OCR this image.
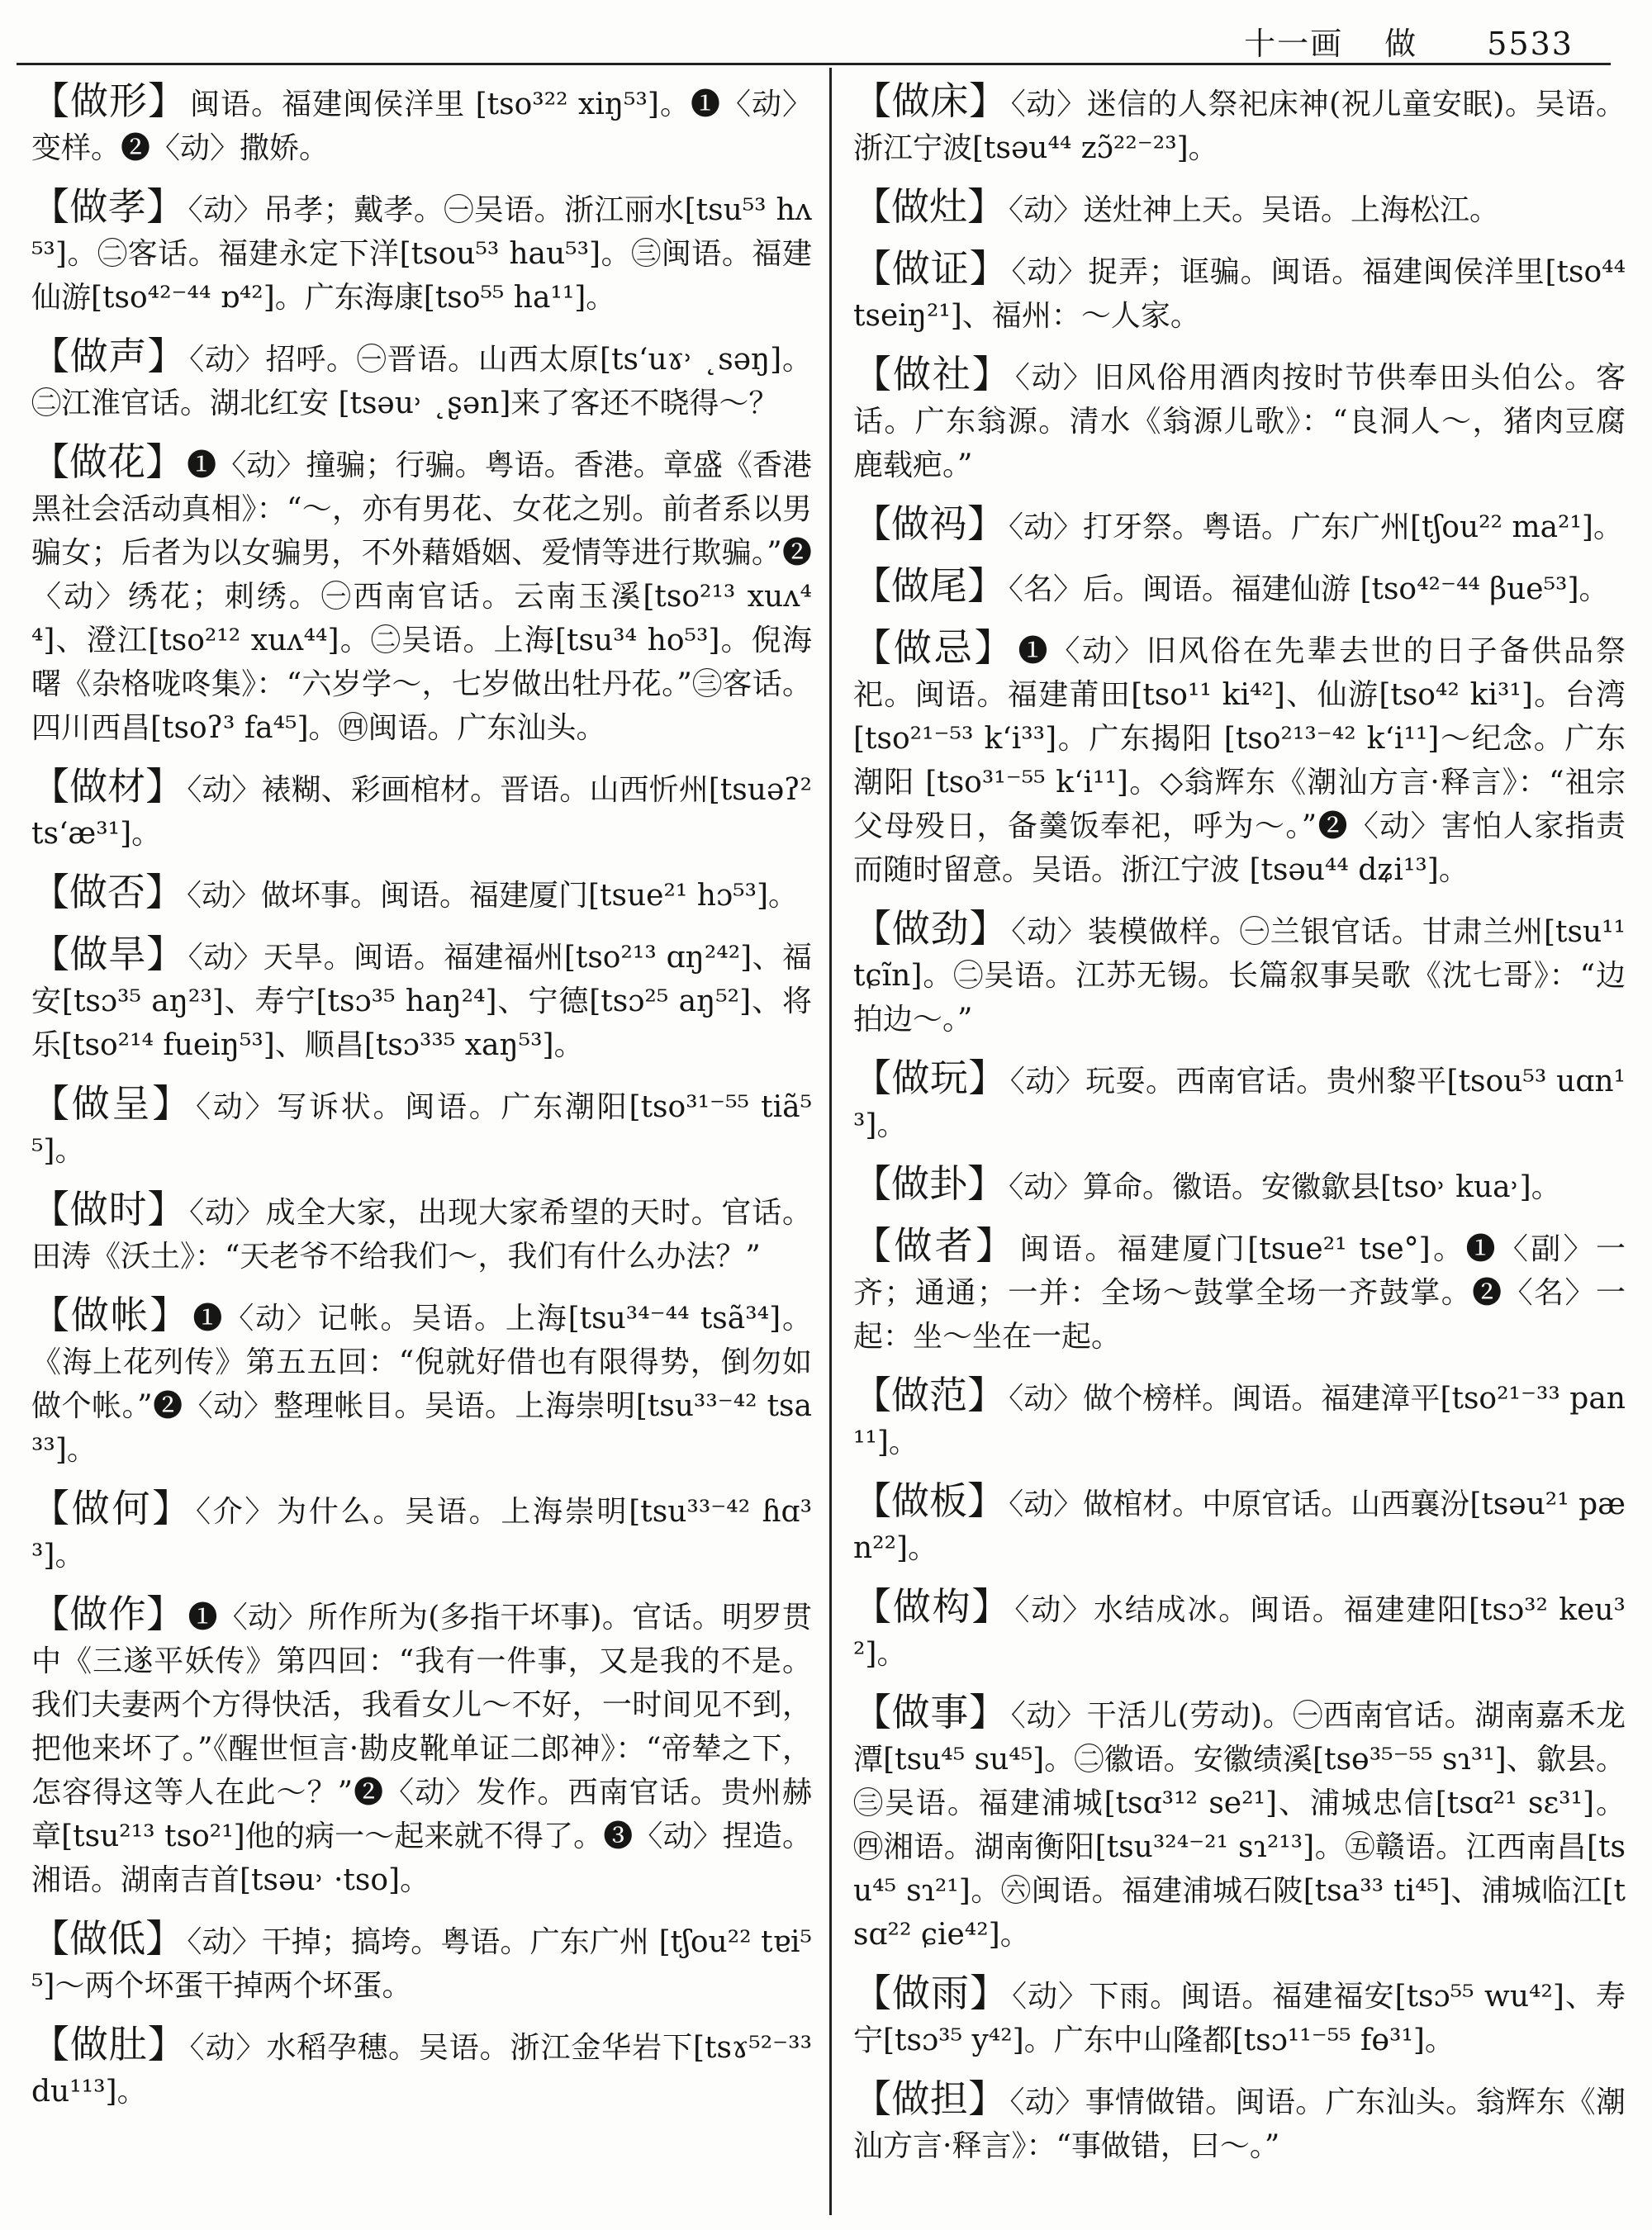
十一画 做 5533
【做形】 闽语。福建闽侯洋里 [tso³²² xiŋ⁵³]。❶〈动〉变样。❷〈动〉撒娇。
【做孝】 〈动〉吊孝；戴孝。㊀吴语。浙江丽水[tsu⁵³ hʌ⁵³]。㊁客话。福建永定下洋[tsou⁵³ hau⁵³]。㊂闽语。福建仙游[tso⁴²⁻⁴⁴ ɒ⁴²]。广东海康[tso⁵⁵ ha¹¹]。
【做声】 〈动〉招呼。㊀晋语。山西太原[tsʻuɤ˒ ˛səŋ]。㊁江淮官话。湖北红安 [tsəu˒ ˛ʂən]来了客还不晓得～？
【做花】 ❶〈动〉撞骗；行骗。粤语。香港。章盛《香港黑社会活动真相》：“～，亦有男花、女花之别。前者系以男骗女；后者为以女骗男，不外藉婚姻、爱情等进行欺骗。”❷〈动〉绣花；刺绣。㊀西南官话。云南玉溪[tso²¹³ xuʌ⁴⁴]、澄江[tso²¹² xuʌ⁴⁴]。㊁吴语。上海[tsu³⁴ ho⁵³]。倪海曙《杂格咙咚集》：“六岁学～，七岁做出牡丹花。”㊂客话。四川西昌[tsoʔ³ fa⁴⁵]。㊃闽语。广东汕头。
【做材】 〈动〉裱糊、彩画棺材。晋语。山西忻州[tsuəʔ² tsʻæ³¹]。
【做否】 〈动〉做坏事。闽语。福建厦门[tsue²¹ hɔ⁵³]。
【做旱】 〈动〉天旱。闽语。福建福州[tso²¹³ ɑŋ²⁴²]、福安[tsɔ³⁵ aŋ²³]、寿宁[tsɔ³⁵ haŋ²⁴]、宁德[tsɔ²⁵ aŋ⁵²]、将乐[tso²¹⁴ fueiŋ⁵³]、顺昌[tsɔ³³⁵ xaŋ⁵³]。
【做呈】 〈动〉写诉状。闽语。广东潮阳[tso³¹⁻⁵⁵ tiã⁵⁵]。
【做时】 〈动〉成全大家，出现大家希望的天时。官话。田涛《沃土》：“天老爷不给我们～，我们有什么办法？”
【做帐】 ❶〈动〉记帐。吴语。上海[tsu³⁴⁻⁴⁴ tsã³⁴]。《海上花列传》第五五回：“倪就好借也有限得势，倒勿如做个帐。”❷〈动〉整理帐目。吴语。上海崇明[tsu³³⁻⁴² tsa³³]。
【做何】 〈介〉为什么。吴语。上海崇明[tsu³³⁻⁴² ɦɑ³³]。
【做作】 ❶〈动〉所作所为(多指干坏事)。官话。明罗贯中《三遂平妖传》第四回：“我有一件事，又是我的不是。我们夫妻两个方得快活，我看女儿～不好，一时间见不到，把他来坏了。”《醒世恒言·勘皮靴单证二郎神》：“帝辇之下，怎容得这等人在此～？”❷〈动〉发作。西南官话。贵州赫章[tsu²¹³ tso²¹]他的病一～起来就不得了。❸〈动〉捏造。湘语。湖南吉首[tsəu˒ ·tso]。
【做低】 〈动〉干掉；搞垮。粤语。广东广州 [tʃou²² tɐi⁵⁵]～两个坏蛋干掉两个坏蛋。
【做肚】 〈动〉水稻孕穗。吴语。浙江金华岩下[tsɤ⁵²⁻³³ du¹¹³]。
【做床】 〈动〉迷信的人祭祀床神(祝儿童安眠)。吴语。浙江宁波[tsəu⁴⁴ zɔ̃²²⁻²³]。
【做灶】 〈动〉送灶神上天。吴语。上海松江。
【做证】 〈动〉捉弄；诓骗。闽语。福建闽侯洋里[tso⁴⁴ tseiŋ²¹]、福州：～人家。
【做社】 〈动〉旧风俗用酒肉按时节供奉田头伯公。客话。广东翁源。清水《翁源儿歌》：“良洞人～，猪肉豆腐鹿载疤。”
【做祃】 〈动〉打牙祭。粤语。广东广州[tʃou²² ma²¹]。
【做尾】 〈名〉后。闽语。福建仙游 [tso⁴²⁻⁴⁴ βue⁵³]。
【做忌】 ❶〈动〉旧风俗在先辈去世的日子备供品祭祀。闽语。福建莆田[tso¹¹ ki⁴²]、仙游[tso⁴² ki³¹]。台湾[tso²¹⁻⁵³ kʻi³³]。广东揭阳 [tso²¹³⁻⁴² kʻi¹¹]～纪念。广东潮阳 [tso³¹⁻⁵⁵ kʻi¹¹]。◇翁辉东《潮汕方言·释言》：“祖宗父母殁日，备羹饭奉祀，呼为～。”❷〈动〉害怕人家指责而随时留意。吴语。浙江宁波 [tsəu⁴⁴ dʑi¹³]。
【做劲】 〈动〉装模做样。㊀兰银官话。甘肃兰州[tsu¹¹ tɕĩn]。㊁吴语。江苏无锡。长篇叙事吴歌《沈七哥》：“边拍边～。”
【做玩】 〈动〉玩耍。西南官话。贵州黎平[tsou⁵³ uɑn¹³]。
【做卦】 〈动〉算命。徽语。安徽歙县[tso˒ kua˒]。
【做者】 闽语。福建厦门[tsue²¹ tse°]。❶〈副〉一齐；通通；一并：全场～鼓掌全场一齐鼓掌。❷〈名〉一起：坐～坐在一起。
【做范】 〈动〉做个榜样。闽语。福建漳平[tso²¹⁻³³ pan¹¹]。
【做板】 〈动〉做棺材。中原官话。山西襄汾[tsəu²¹ pæn²²]。
【做构】 〈动〉水结成冰。闽语。福建建阳[tsɔ³² keu³²]。
【做事】 〈动〉干活儿(劳动)。㊀西南官话。湖南嘉禾龙潭[tsu⁴⁵ su⁴⁵]。㊁徽语。安徽绩溪[tsɵ³⁵⁻⁵⁵ sɿ³¹]、歙县。㊂吴语。福建浦城[tsɑ³¹² se²¹]、浦城忠信[tsɑ²¹ sɛ³¹]。㊃湘语。湖南衡阳[tsu³²⁴⁻²¹ sɿ²¹³]。㊄赣语。江西南昌[tsu⁴⁵ sɿ²¹]。㊅闽语。福建浦城石陂[tsa³³ ti⁴⁵]、浦城临江[tsɑ²² ɕie⁴²]。
【做雨】 〈动〉下雨。闽语。福建福安[tsɔ⁵⁵ wu⁴²]、寿宁[tsɔ³⁵ y⁴²]。广东中山隆都[tsɔ¹¹⁻⁵⁵ fɵ³¹]。
【做担】 〈动〉事情做错。闽语。广东汕头。翁辉东《潮汕方言·释言》：“事做错，曰～。”
